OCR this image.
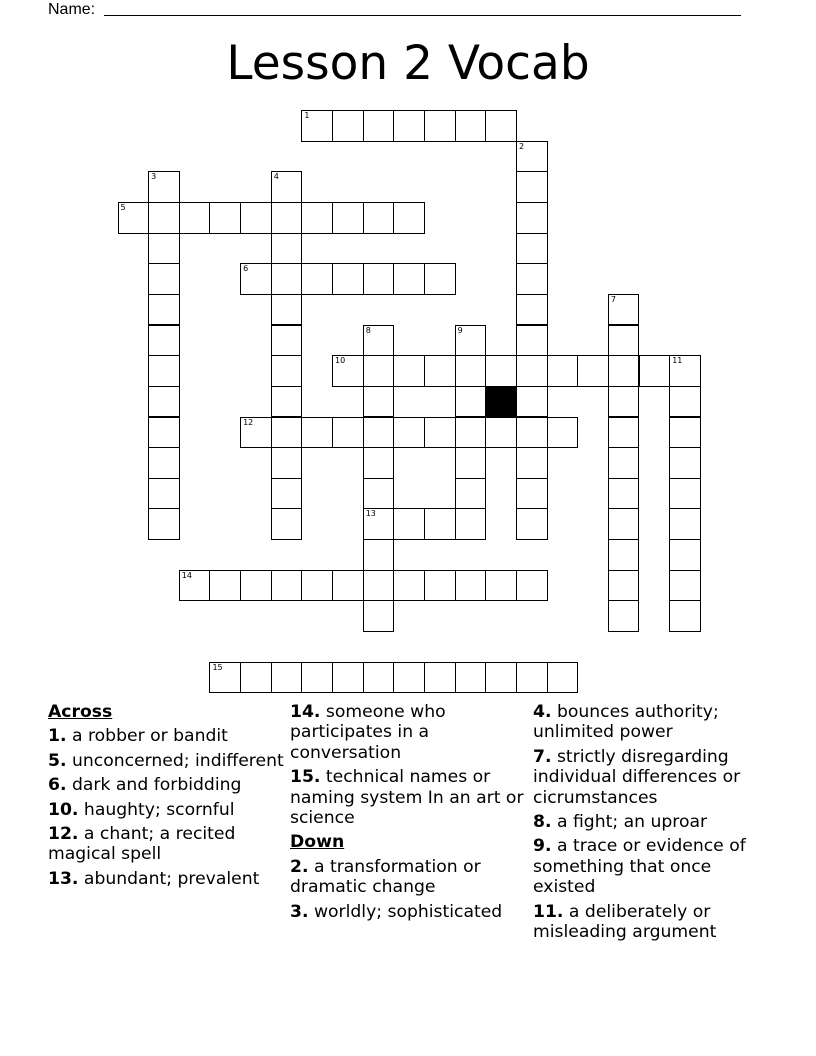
Name:
Lesson 2 Vocab
1
2
3	4
5
6
7
8
13
9
10	11
12
14
15
Across
1. a robber or bandit
5. unconcerned; indifferent
6. dark and forbidding
10. haughty; scornful
12. a chant; a recited magical spell
13. abundant; prevalent
14. someone who participates in a conversation
15. technical names or naming system In an art or science
Down
2. a transformation or dramatic change
3. worldly; sophisticated
4. bounces authority; unlimited power
7. strictly disregarding individual differences or cicrumstances
8. a fight; an uproar
9. a trace or evidence of something that once existed
11. a deliberately or misleading argument
